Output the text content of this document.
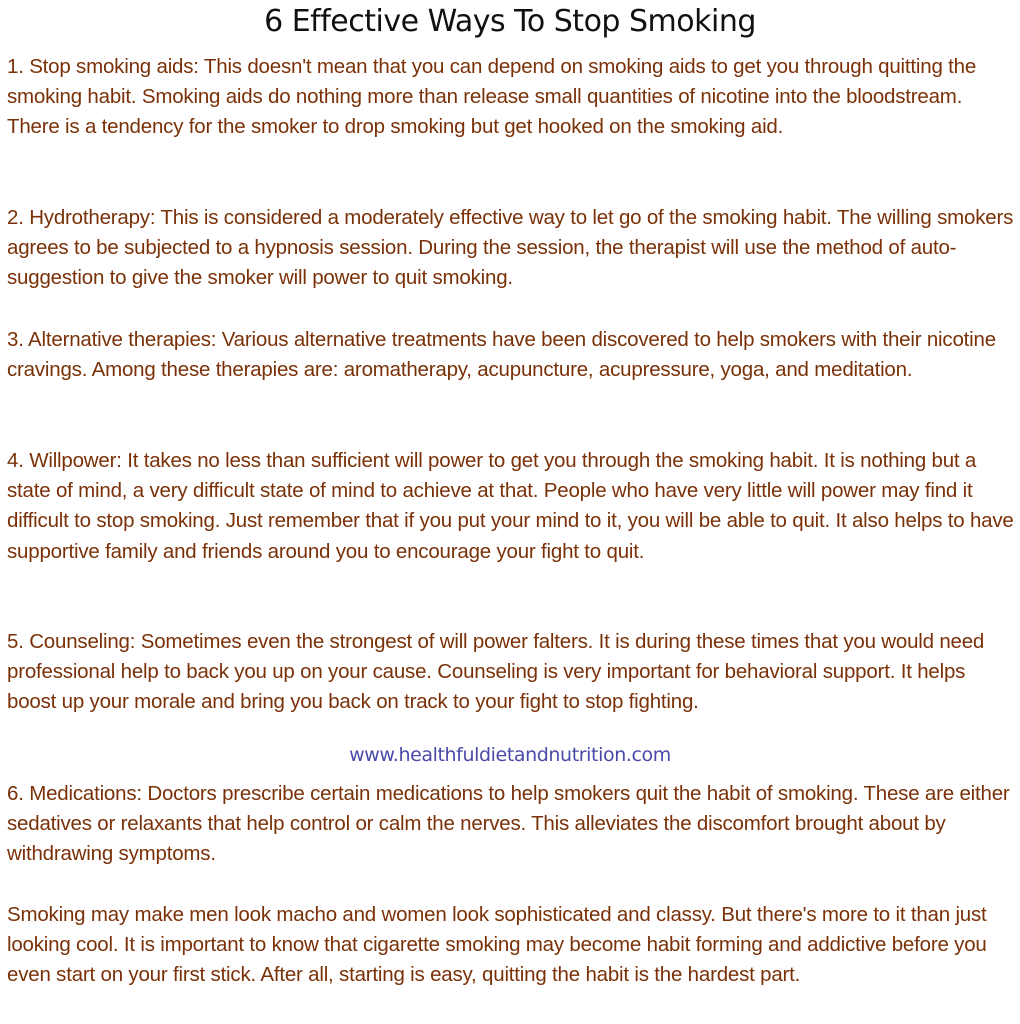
6 Effective Ways To Stop Smoking

1. Stop smoking aids: This doesn't mean that you can depend on smoking aids to get you through quitting the smoking habit. Smoking aids do nothing more than release small quantities of nicotine into the bloodstream. There is a tendency for the smoker to drop smoking but get hooked on the smoking aid.

2. Hydrotherapy: This is considered a moderately effective way to let go of the smoking habit. The willing smokers agrees to be subjected to a hypnosis session. During the session, the therapist will use the method of auto-suggestion to give the smoker will power to quit smoking.

3. Alternative therapies: Various alternative treatments have been discovered to help smokers with their nicotine cravings. Among these therapies are: aromatherapy, acupuncture, acupressure, yoga, and meditation.

4. Willpower: It takes no less than sufficient will power to get you through the smoking habit. It is nothing but a state of mind, a very difficult state of mind to achieve at that. People who have very little will power may find it difficult to stop smoking. Just remember that if you put your mind to it, you will be able to quit. It also helps to have supportive family and friends around you to encourage your fight to quit.

5. Counseling: Sometimes even the strongest of will power falters. It is during these times that you would need professional help to back you up on your cause. Counseling is very important for behavioral support. It helps boost up your morale and bring you back on track to your fight to stop fighting.

www.healthfuldietandnutrition.com

6. Medications: Doctors prescribe certain medications to help smokers quit the habit of smoking. These are either sedatives or relaxants that help control or calm the nerves. This alleviates the discomfort brought about by withdrawing symptoms.

Smoking may make men look macho and women look sophisticated and classy. But there's more to it than just looking cool. It is important to know that cigarette smoking may become habit forming and addictive before you even start on your first stick. After all, starting is easy, quitting the habit is the hardest part.
